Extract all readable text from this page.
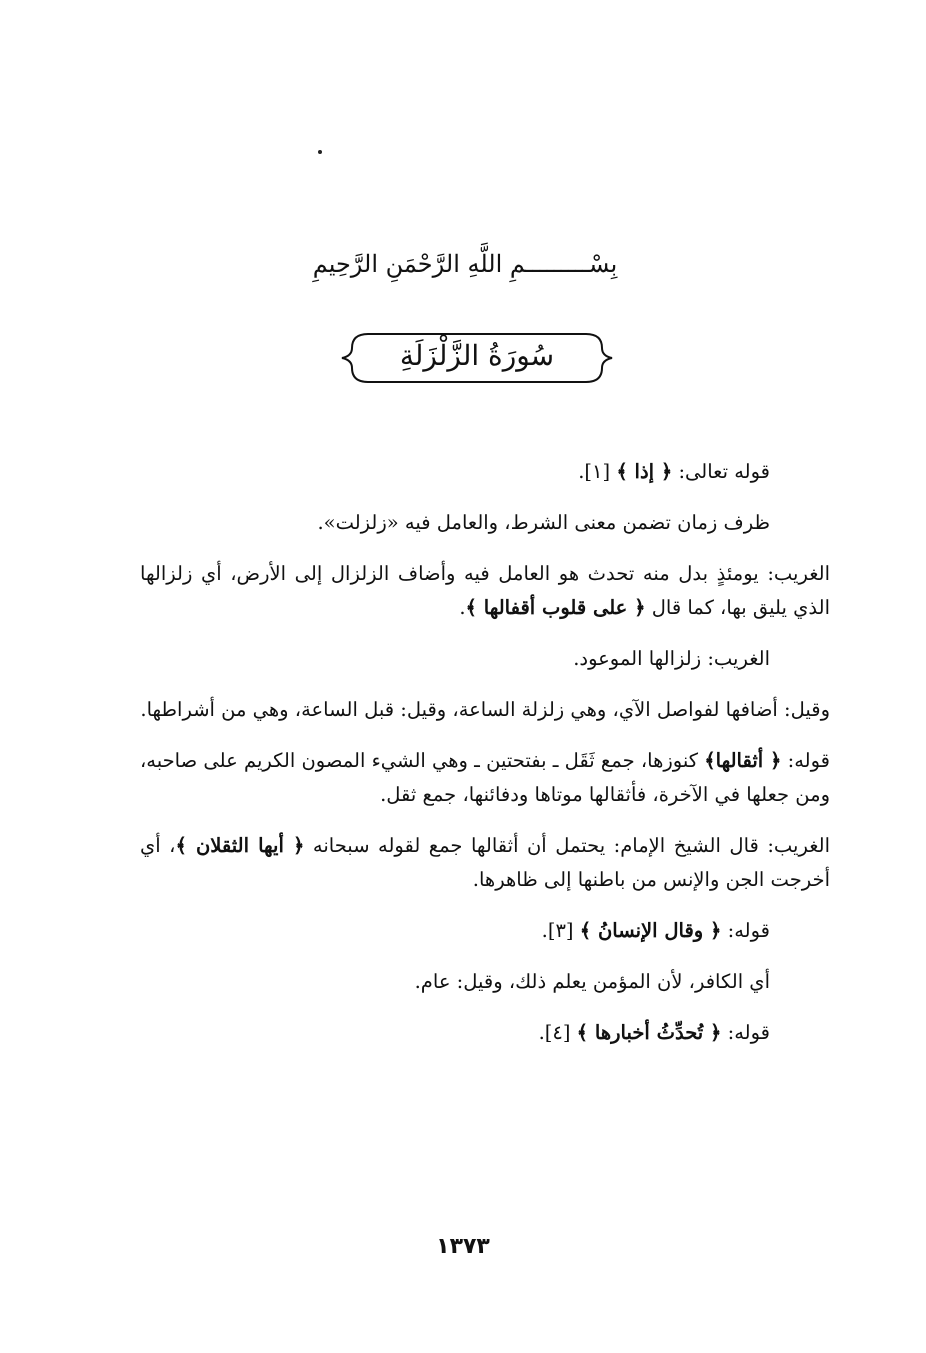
بِسْـــــــــمِ اللَّهِ الرَّحْمَنِ الرَّحِيمِ
سُورَةُ الزَّلْزَلَةِ

قوله تعالى: ﴿ إذا ﴾ [١].

ظرف زمان تضمن معنى الشرط، والعامل فيه «زلزلت».

الغريب: يومئذٍ بدل منه تحدث هو العامل فيه وأضاف الزلزال إلى الأرض، أي زلزالها الذي يليق بها، كما قال ﴿ على قلوب أقفالها ﴾.

الغريب: زلزالها الموعود.

وقيل: أضافها لفواصل الآي، وهي زلزلة الساعة، وقيل: قبل الساعة، وهي من أشراطها.

قوله: ﴿ أثقالها﴾ كنوزها، جمع ثَقَل ـ بفتحتين ـ وهي الشيء المصون الكريم على صاحبه، ومن جعلها في الآخرة، فأثقالها موتاها ودفائنها، جمع ثقل.

الغريب: قال الشيخ الإمام: يحتمل أن أثقالها جمع لقوله سبحانه ﴿ أيها الثقلان ﴾، أي أخرجت الجن والإنس من باطنها إلى ظاهرها.

قوله: ﴿ وقال الإنسانُ ﴾ [٣].

أي الكافر، لأن المؤمن يعلم ذلك، وقيل: عام.

قوله: ﴿ تُحدِّثُ أخبارها ﴾ [٤].

١٣٧٣
